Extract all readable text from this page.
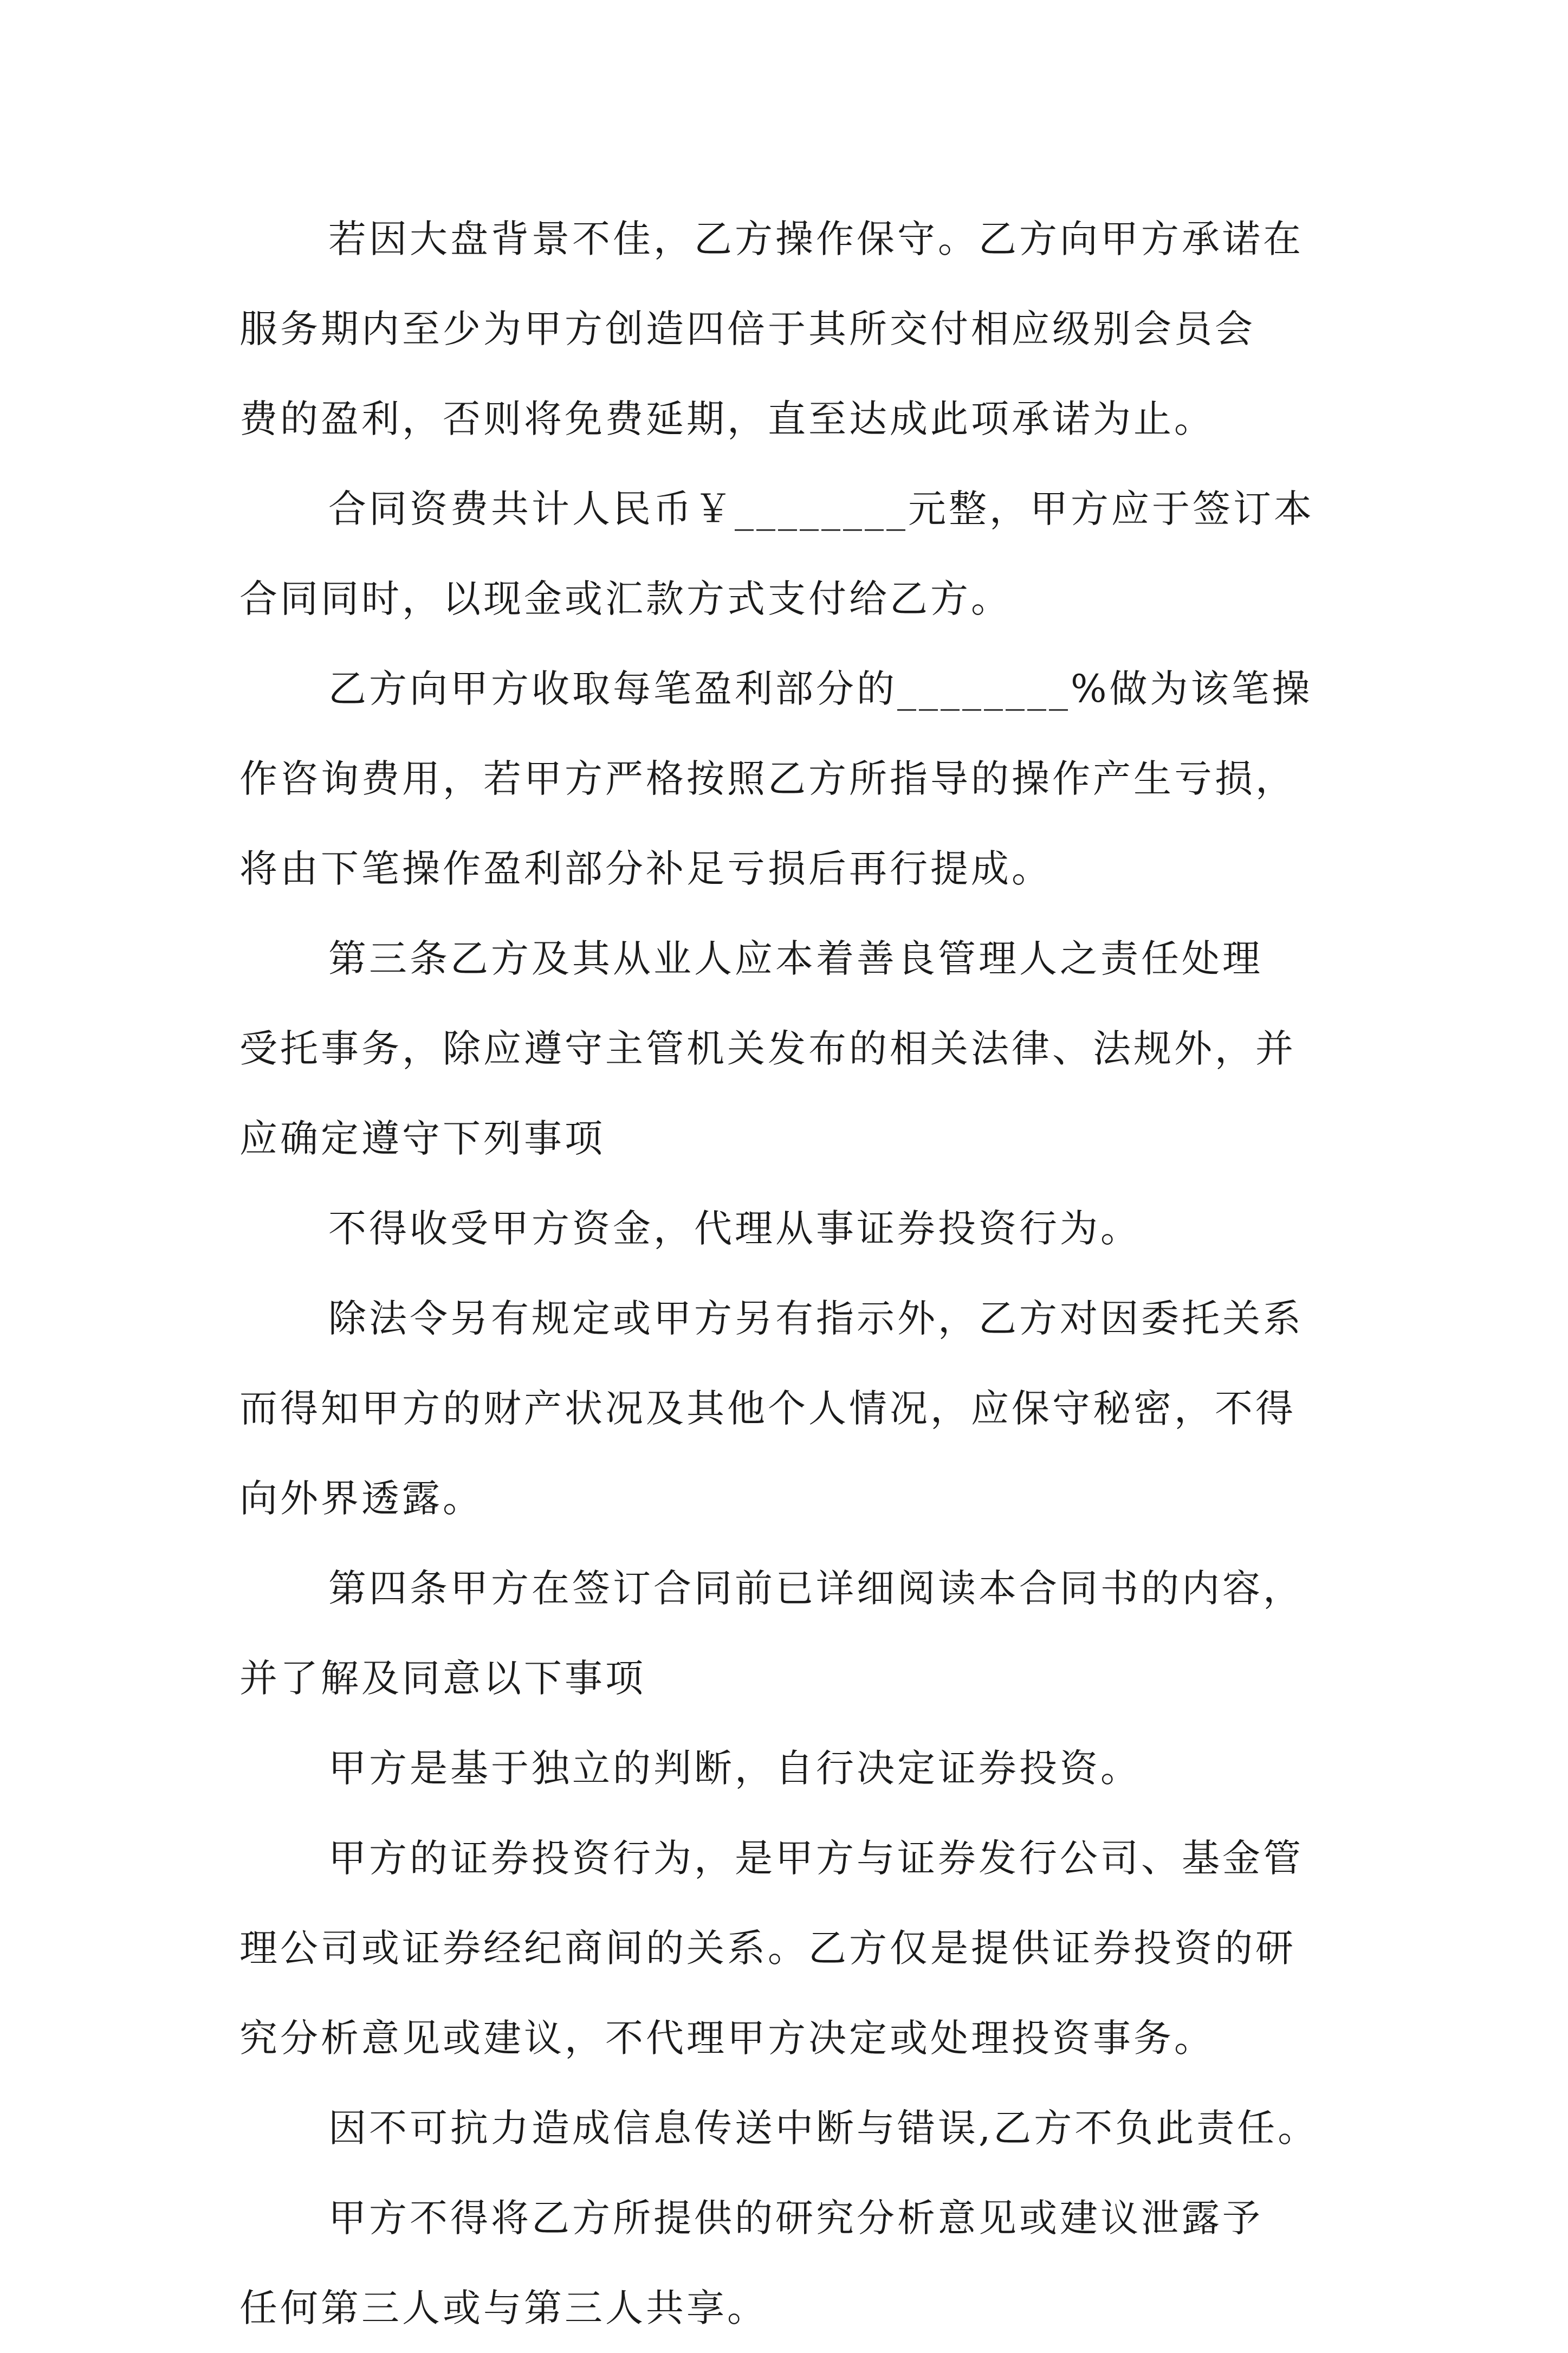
若因大盘背景不佳，乙方操作保守。乙方向甲方承诺在
服务期内至少为甲方创造四倍于其所交付相应级别会员会
费的盈利，否则将免费延期，直至达成此项承诺为止。

合同资费共计人民币￥________元整，甲方应于签订本
合同同时，以现金或汇款方式支付给乙方。

乙方向甲方收取每笔盈利部分的________%做为该笔操
作咨询费用，若甲方严格按照乙方所指导的操作产生亏损，
将由下笔操作盈利部分补足亏损后再行提成。

第三条乙方及其从业人应本着善良管理人之责任处理
受托事务，除应遵守主管机关发布的相关法律、法规外，并
应确定遵守下列事项

不得收受甲方资金，代理从事证券投资行为。

除法令另有规定或甲方另有指示外，乙方对因委托关系
而得知甲方的财产状况及其他个人情况，应保守秘密，不得
向外界透露。

第四条甲方在签订合同前已详细阅读本合同书的内容，
并了解及同意以下事项

甲方是基于独立的判断，自行决定证券投资。

甲方的证券投资行为，是甲方与证券发行公司、基金管
理公司或证券经纪商间的关系。乙方仅是提供证券投资的研
究分析意见或建议，不代理甲方决定或处理投资事务。

因不可抗力造成信息传送中断与错误,乙方不负此责任。

甲方不得将乙方所提供的研究分析意见或建议泄露予
任何第三人或与第三人共享。
